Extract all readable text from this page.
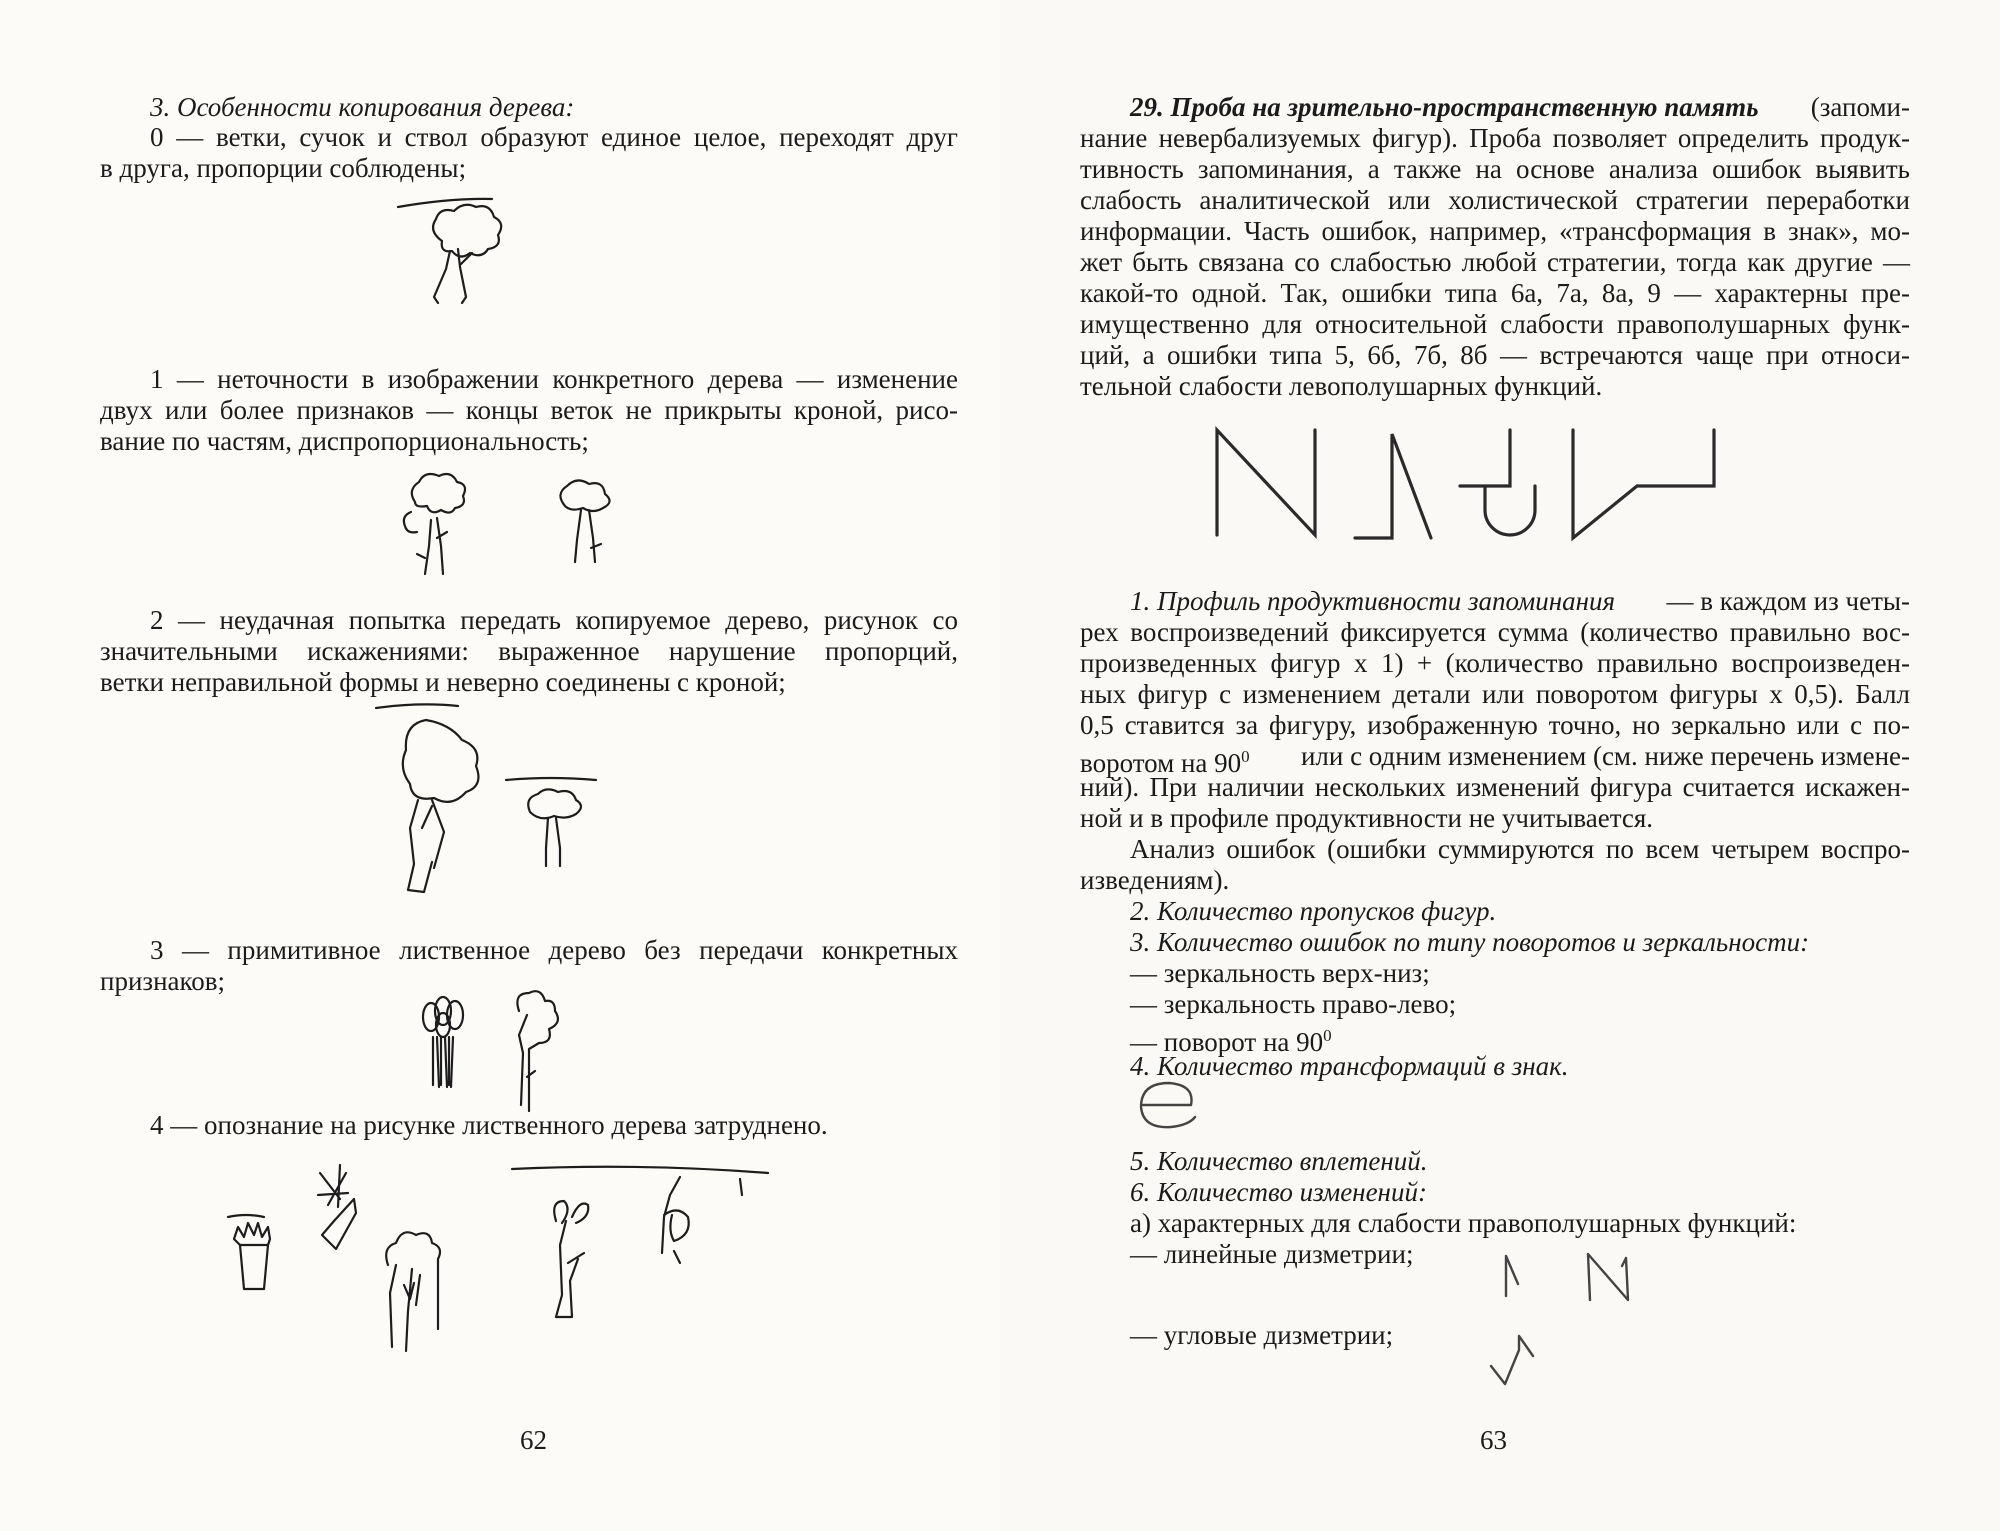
3. Особенности копирования дерева:
0 — ветки, сучок и ствол образуют единое целое, переходят друг
в друга, пропорции соблюдены;
1 — неточности в изображении конкретного дерева — изменение
двух или более признаков — концы веток не прикрыты кроной, рисо-
вание по частям, диспропорциональность;
2 — неудачная попытка передать копируемое дерево, рисунок со
значительными искажениями: выраженное нарушение пропорций,
ветки неправильной формы и неверно соединены с кроной;
3 — примитивное лиственное дерево без передачи конкретных
признаков;
4 — опознание на рисунке лиственного дерева затруднено.
62
29. Проба на зрительно-пространственную память (запоми-
нание невербализуемых фигур). Проба позволяет определить продук-
тивность запоминания, а также на основе анализа ошибок выявить
слабость аналитической или холистической стратегии переработки
информации. Часть ошибок, например, «трансформация в знак», мо-
жет быть связана со слабостью любой стратегии, тогда как другие —
какой-то одной. Так, ошибки типа 6а, 7а, 8а, 9 — характерны пре-
имущественно для относительной слабости правополушарных функ-
ций, а ошибки типа 5, 6б, 7б, 8б — встречаются чаще при относи-
тельной слабости левополушарных функций.
1. Профиль продуктивности запоминания — в каждом из четы-
рех воспроизведений фиксируется сумма (количество правильно вос-
произведенных фигур х 1) + (количество правильно воспроизведен-
ных фигур с изменением детали или поворотом фигуры х 0,5). Балл
0,5 ставится за фигуру, изображенную точно, но зеркально или с по-
воротом на $90^0$ или с одним изменением (см. ниже перечень измене-
ний). При наличии нескольких изменений фигура считается искажен-
ной и в профиле продуктивности не учитывается.
Анализ ошибок (ошибки суммируются по всем четырем воспро-
изведениям).
2. Количество пропусков фигур.
3. Количество ошибок по типу поворотов и зеркальности:
— зеркальность верх-низ;
— зеркальность право-лево;
— поворот на $90^0$
4. Количество трансформаций в знак.
5. Количество вплетений.
6. Количество изменений:
а) характерных для слабости правополушарных функций:
— линейные дизметрии;
— угловые дизметрии;
63
